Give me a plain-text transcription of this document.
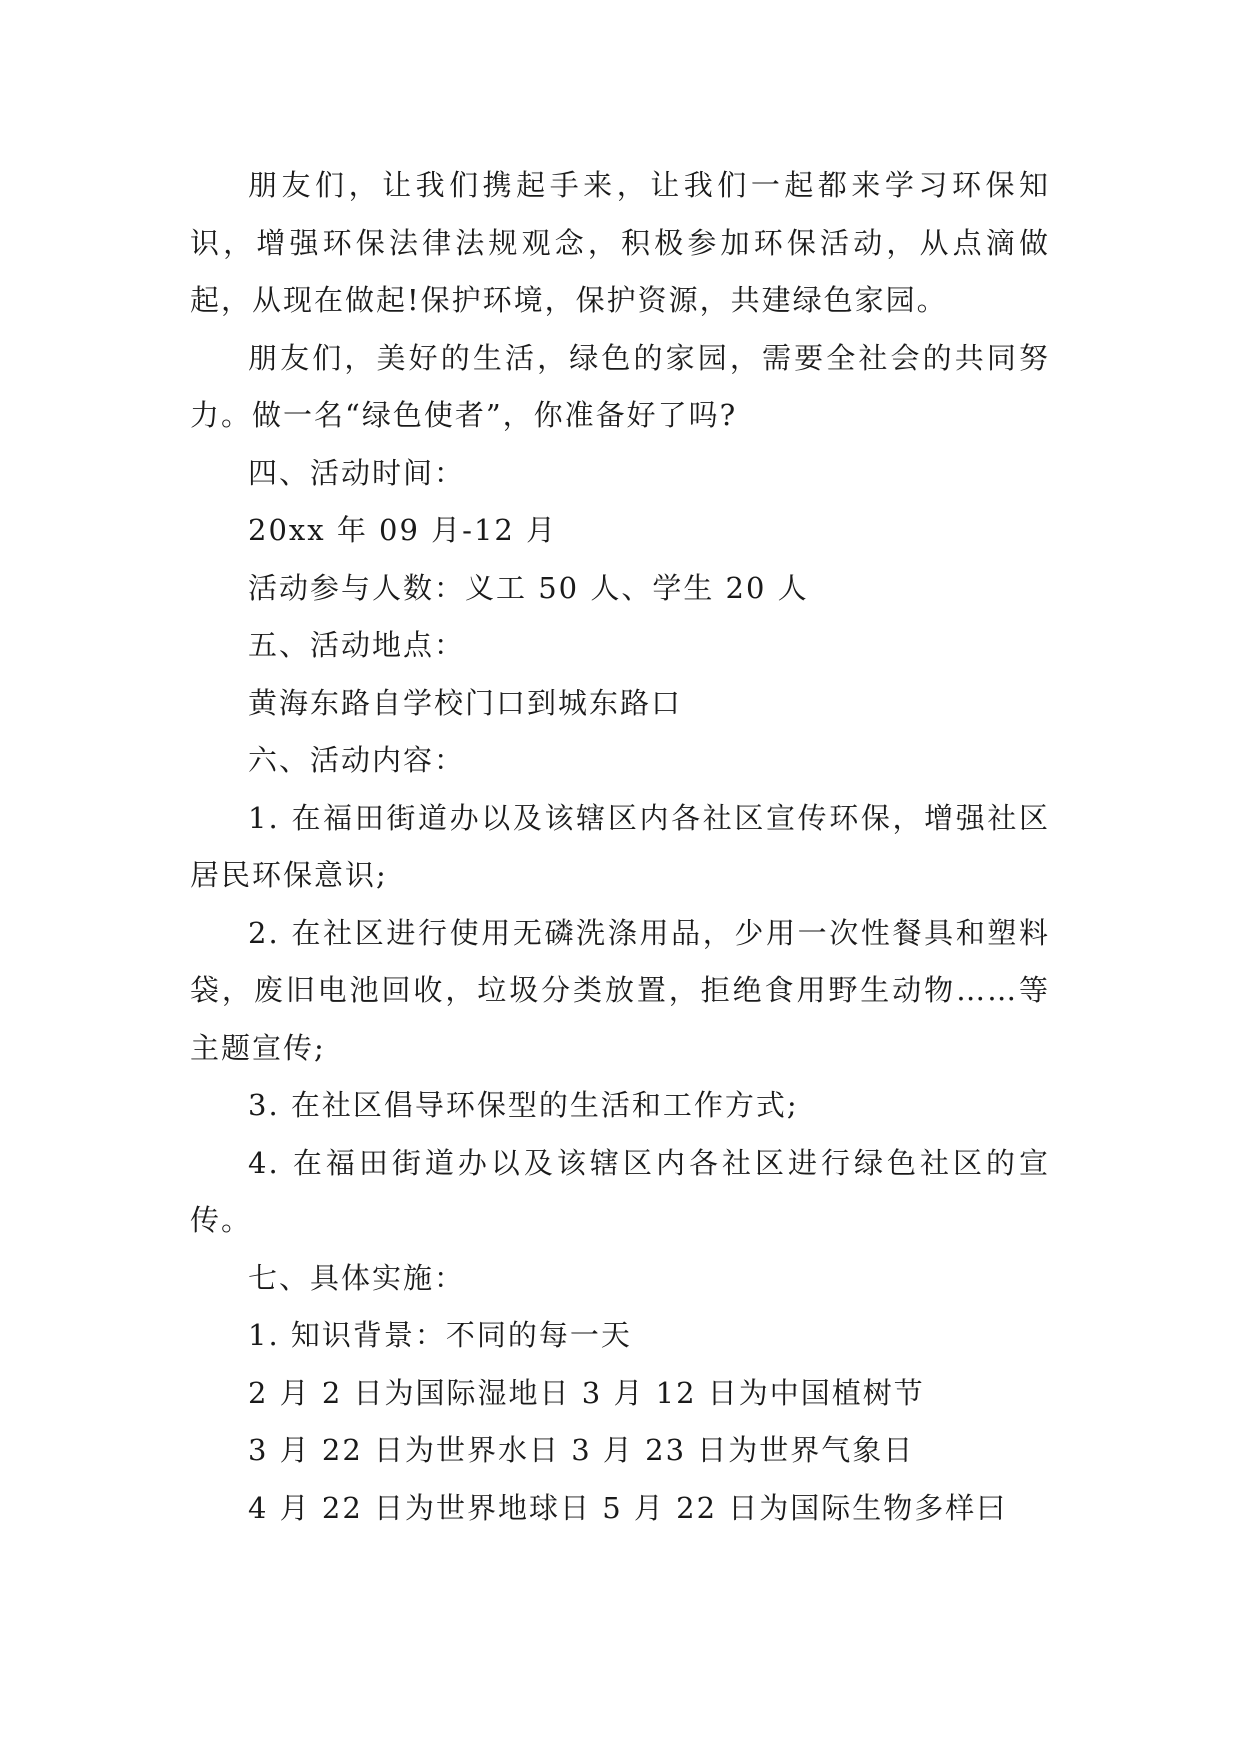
朋友们，让我们携起手来，让我们一起都来学习环保知识，增强环保法律法规观念，积极参加环保活动，从点滴做起，从现在做起!保护环境，保护资源，共建绿色家园。

朋友们，美好的生活，绿色的家园，需要全社会的共同努力。做一名“绿色使者”，你准备好了吗?

四、活动时间：

20xx 年 09 月-12 月

活动参与人数：义工 50 人、学生 20 人

五、活动地点：

黄海东路自学校门口到城东路口

六、活动内容：

1. 在福田街道办以及该辖区内各社区宣传环保，增强社区居民环保意识;

2. 在社区进行使用无磷洗涤用品，少用一次性餐具和塑料袋，废旧电池回收，垃圾分类放置，拒绝食用野生动物……等主题宣传;

3. 在社区倡导环保型的生活和工作方式;

4. 在福田街道办以及该辖区内各社区进行绿色社区的宣传。

七、具体实施：

1. 知识背景：不同的每一天

2 月 2 日为国际湿地日 3 月 12 日为中国植树节

3 月 22 日为世界水日 3 月 23 日为世界气象日

4 月 22 日为世界地球日 5 月 22 日为国际生物多样曰
